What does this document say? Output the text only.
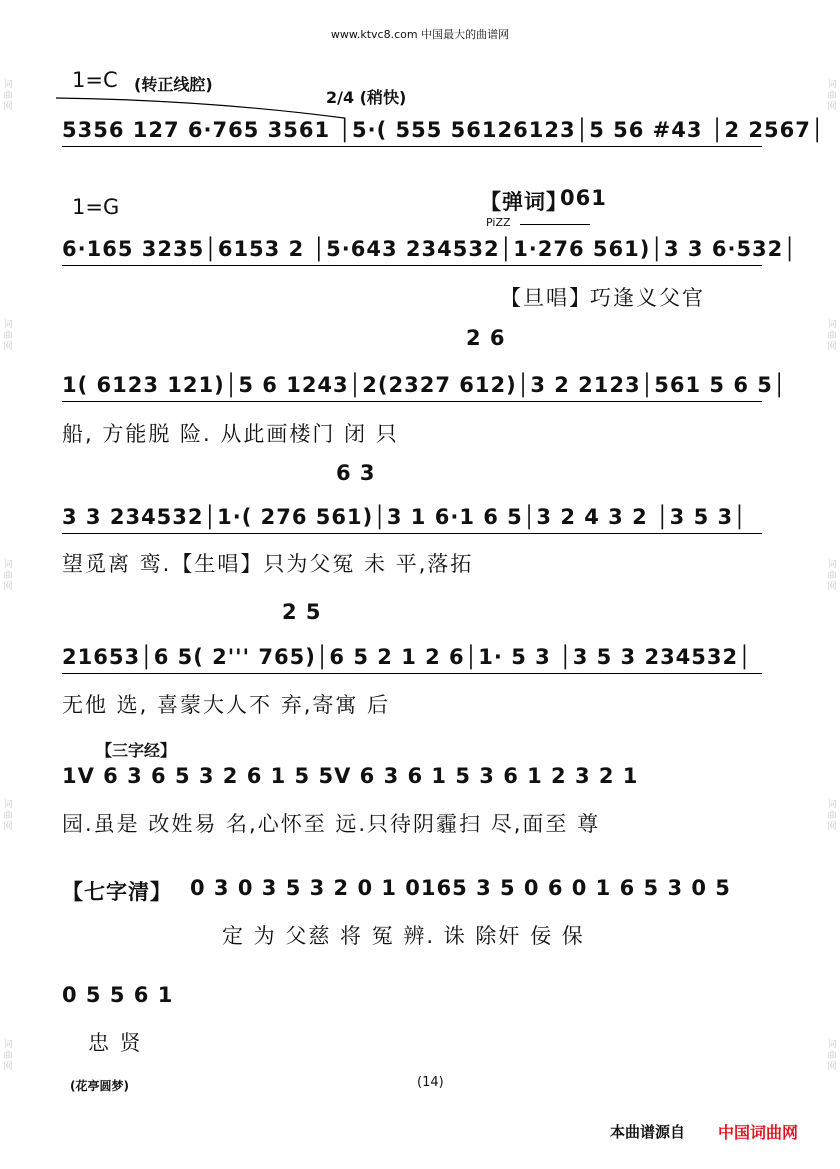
www.ktvc8.com 中国最大的曲谱网
词
曲
网
词
曲
网
词
曲
网
词
曲
网
词
曲
网
词
曲
网
词
曲
网
词
曲
网
词
曲
网
词
曲
网
1=C (转正线腔)
2/4 (稍快)
5356 127 6·765 3561 │5·( 555 56126123│5 56 #43 │2 2567│
1=G	【弹词】
061
PiZZ
6·165 3235│6153 2 │5·643 234532│1·276 561)│3 3 6·532│
【旦唱】
巧逢义父官
2 6
1( 6123 121)│5 6 1243│2(2327 612)│3 2 2123│561 5 6 5│
船, 方能脱 险. 从此画楼门 闭 只
6 3
3 3 234532│1·( 276 561)│3 1 6·1 6 5│3 2 4 3 2 │3 5 3│
望觅离 鸾.【生唱】只为父冤 未 平,落拓
2 5
21653│6 5( 2''' 765)│6 5 2 1 2 6│1· 5 3 │3 5 3 234532│
无他 选, 喜蒙大人不 弃,寄寓 后
【三字经】
1V 6 3 6 5 3 2 6 1 5 5V 6 3 6 1 5 3 6 1 2 3 2 1
园.虽是 改姓易 名,心怀至 远.只待阴霾扫 尽,面至 尊
【七字清】 0 3 0 3 5 3 2 0 1 0165 3 5 0 6 0 1 6 5 3 0 5
定 为 父慈 将 冤 辨. 诛 除奸 佞 保
0 5 5 6 1
忠 贤
(花亭圆梦)	(14)
本曲谱源自 中国词曲网
